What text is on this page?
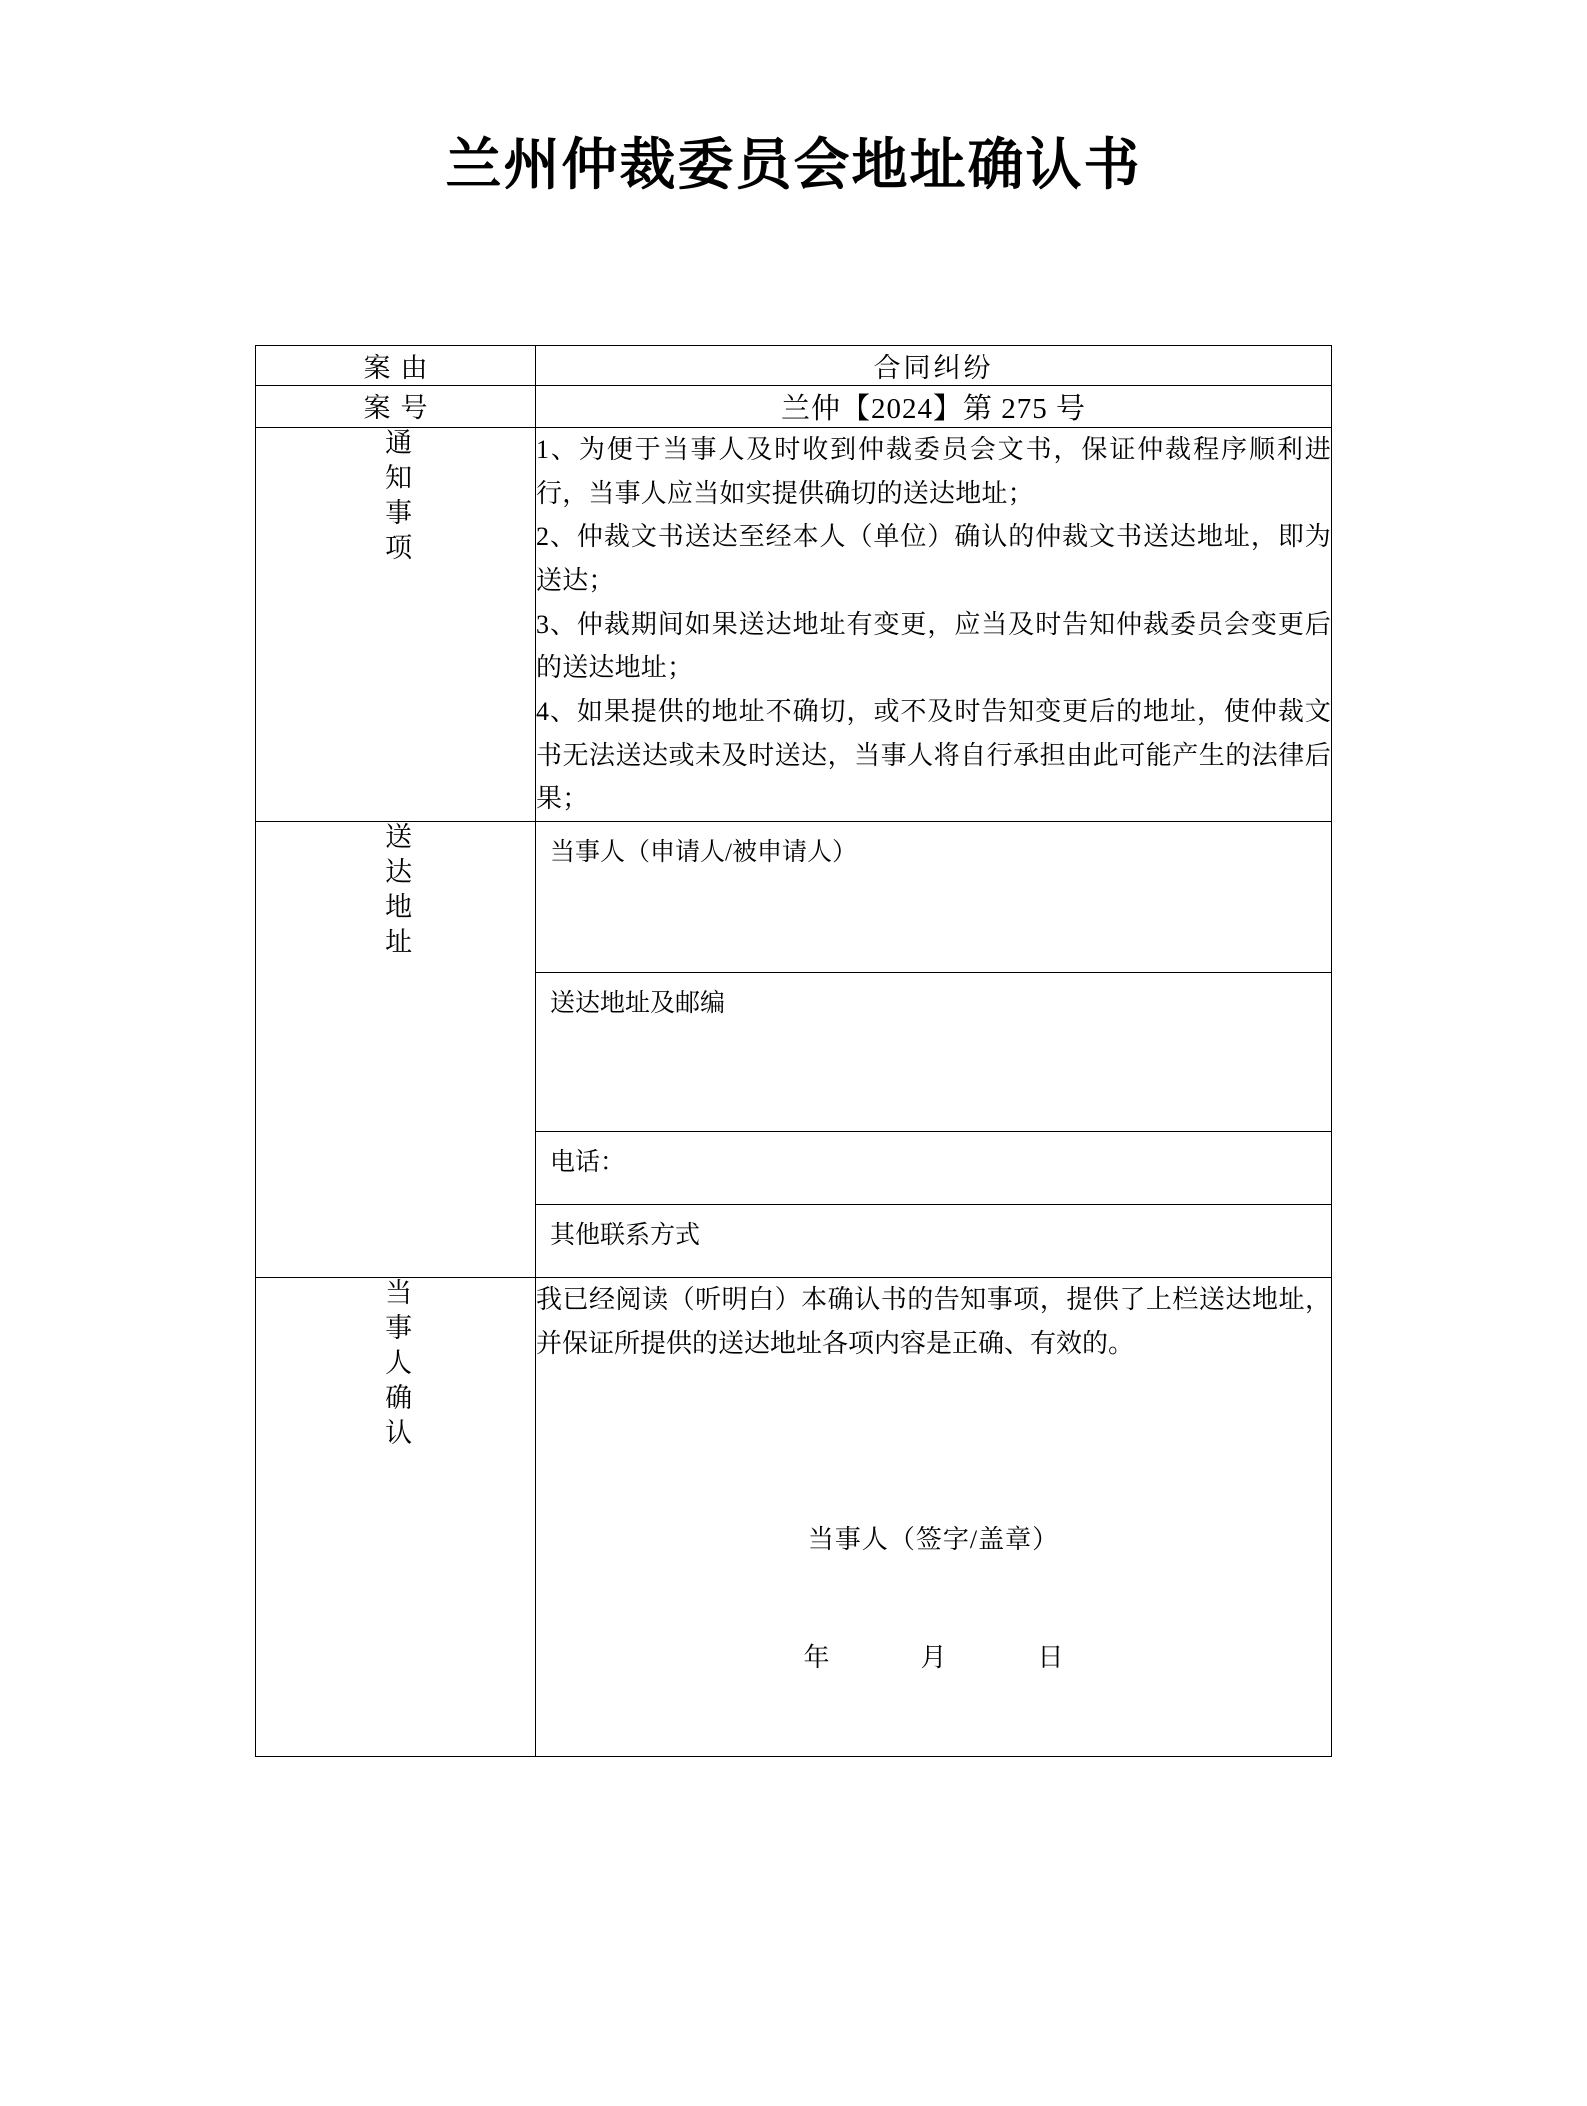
兰州仲裁委员会地址确认书
案由	合同纠纷
案号	兰仲【2024】第 275 号
通知事项	1、为便于当事人及时收到仲裁委员会文书，保证仲裁程序顺利进行，当事人应当如实提供确切的送达地址；

2、仲裁文书送达至经本人（单位）确认的仲裁文书送达地址，即为送达；

3、仲裁期间如果送达地址有变更，应当及时告知仲裁委员会变更后的送达地址；

4、如果提供的地址不确切，或不及时告知变更后的地址，使仲裁文书无法送达或未及时送达，当事人将自行承担由此可能产生的法律后果；

送达地址		当事人（申请人/被申请人）
送达地址及邮编
电话：
其他联系方式

当事人确认	我已经阅读（听明白）本确认书的告知事项，提供了上栏送达地址，并保证所提供的送达地址各项内容是正确、有效的。

当事人（签字/盖章）

年	月	日
